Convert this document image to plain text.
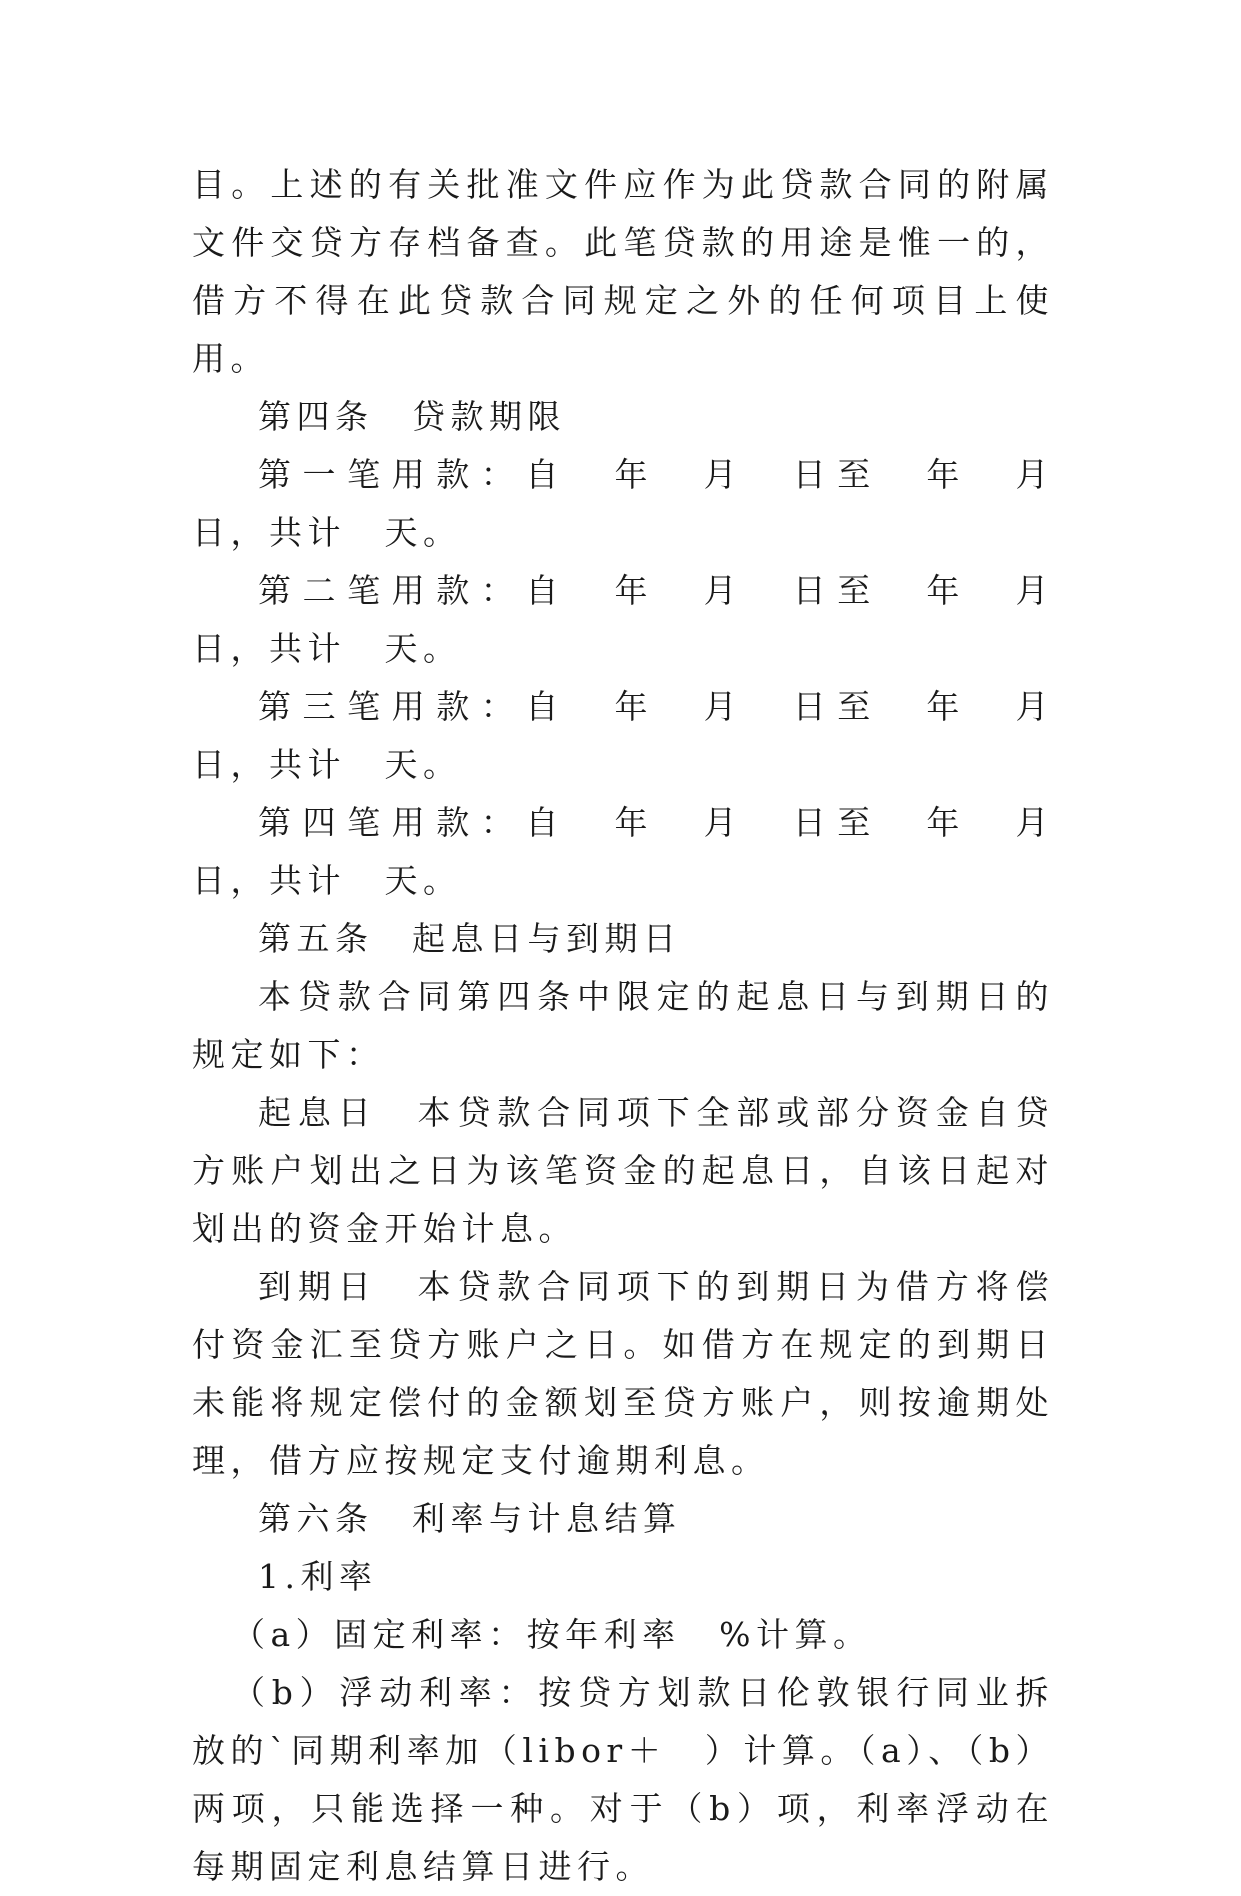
目。上述的有关批准文件应作为此贷款合同的附属文件交贷方存档备查。此笔贷款的用途是惟一的，借方不得在此贷款合同规定之外的任何项目上使用。

第四条　贷款期限

第一笔用款：自　年　月　日至　年　月　日，共计　天。

第二笔用款：自　年　月　日至　年　月　日，共计　天。

第三笔用款：自　年　月　日至　年　月　日，共计　天。

第四笔用款：自　年　月　日至　年　月　日，共计　天。

第五条　起息日与到期日

本贷款合同第四条中限定的起息日与到期日的规定如下：

起息日　本贷款合同项下全部或部分资金自贷方账户划出之日为该笔资金的起息日，自该日起对划出的资金开始计息。

到期日　本贷款合同项下的到期日为借方将偿付资金汇至贷方账户之日。如借方在规定的到期日未能将规定偿付的金额划至贷方账户，则按逾期处理，借方应按规定支付逾期利息。

第六条　利率与计息结算

1.利率

（a）固定利率：按年利率　%计算。

（b）浮动利率：按贷方划款日伦敦银行同业拆放的`同期利率加（libor＋　）计算。（a）、（b）两项，只能选择一种。对于（b）项，利率浮动在每期固定利息结算日进行。
